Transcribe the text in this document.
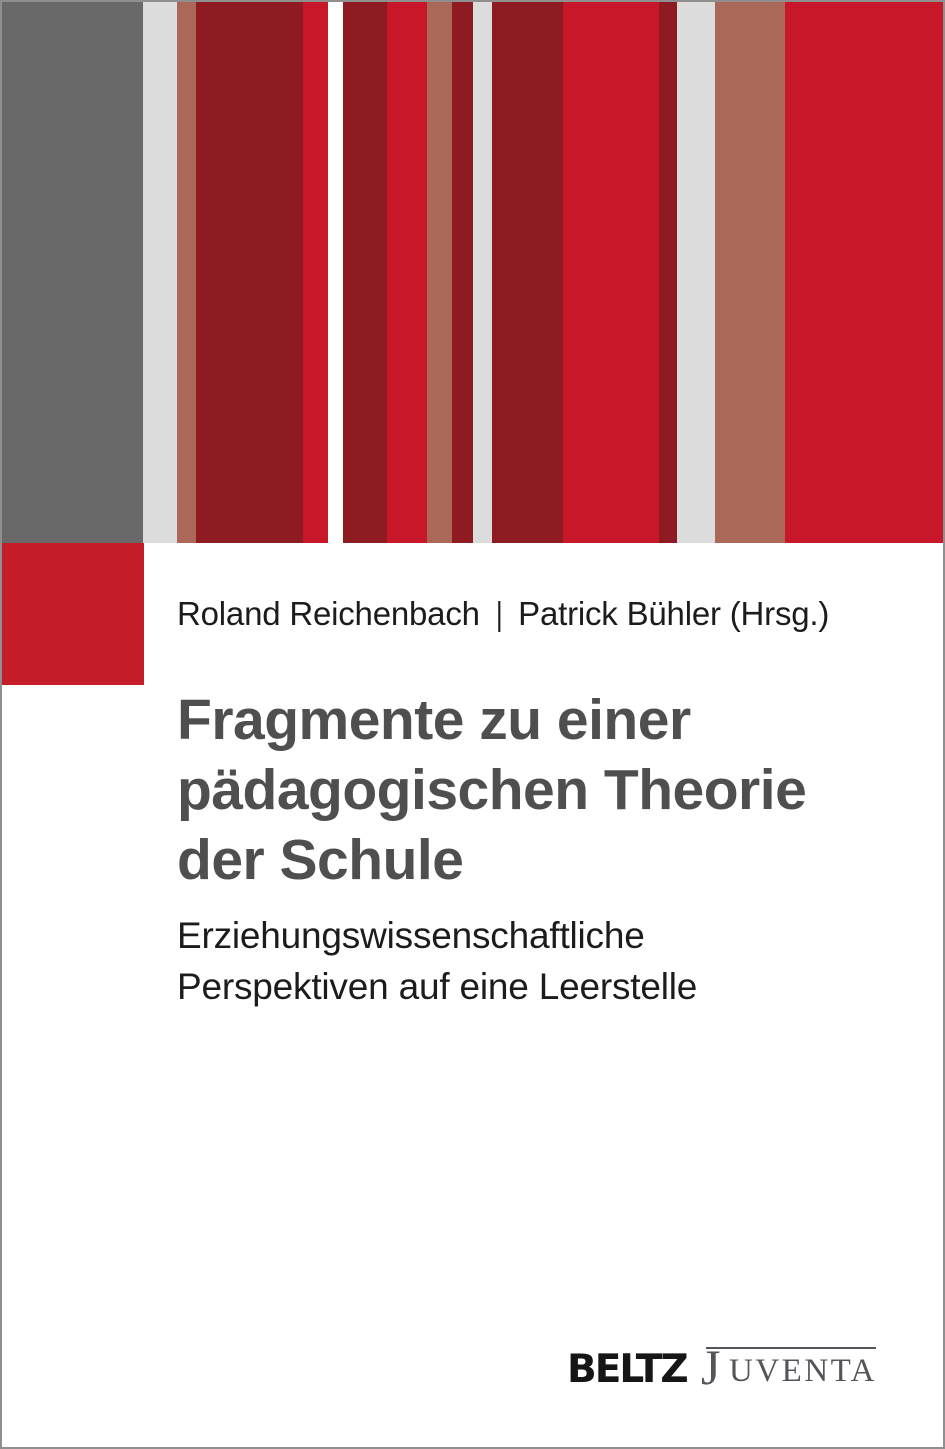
Roland Reichenbach | Patrick Bühler (Hrsg.)
Fragmente zu einer
pädagogischen Theorie
der Schule
Erziehungswissenschaftliche
Perspektiven auf eine Leerstelle
BELTZ J UVENTA
